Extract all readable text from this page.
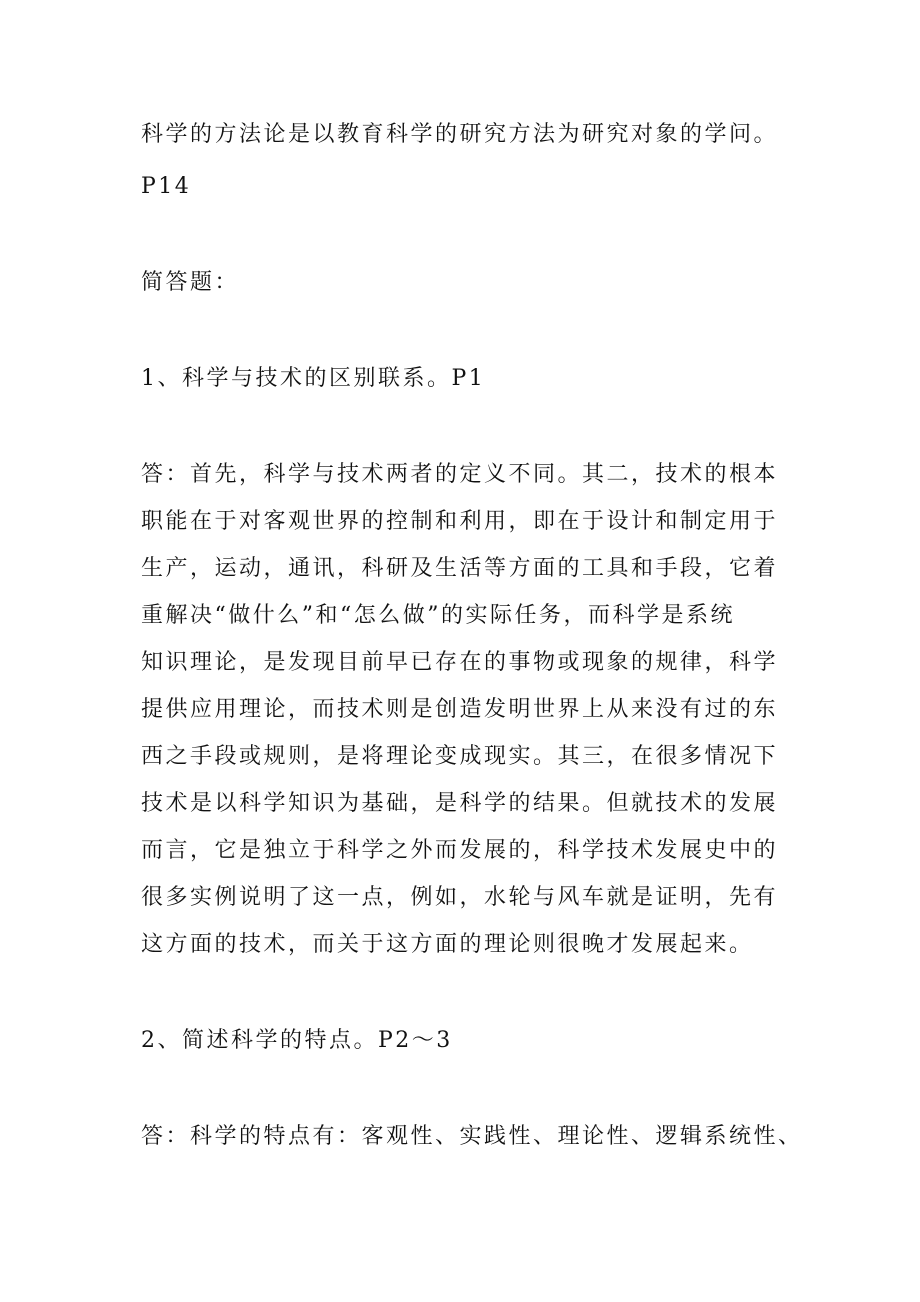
科学的方法论是以教育科学的研究方法为研究对象的学问。
P14
简答题：
1、科学与技术的区别联系。P1
答：首先，科学与技术两者的定义不同。其二，技术的根本
职能在于对客观世界的控制和利用，即在于设计和制定用于
生产，运动，通讯，科研及生活等方面的工具和手段，它着
重解决“做什么”和“怎么做”的实际任务，而科学是系统
知识理论，是发现目前早已存在的事物或现象的规律，科学
提供应用理论，而技术则是创造发明世界上从来没有过的东
西之手段或规则，是将理论变成现实。其三，在很多情况下
技术是以科学知识为基础，是科学的结果。但就技术的发展
而言，它是独立于科学之外而发展的，科学技术发展史中的
很多实例说明了这一点，例如，水轮与风车就是证明，先有
这方面的技术，而关于这方面的理论则很晚才发展起来。
2、简述科学的特点。P2～3
答：科学的特点有：客观性、实践性、理论性、逻辑系统性、
